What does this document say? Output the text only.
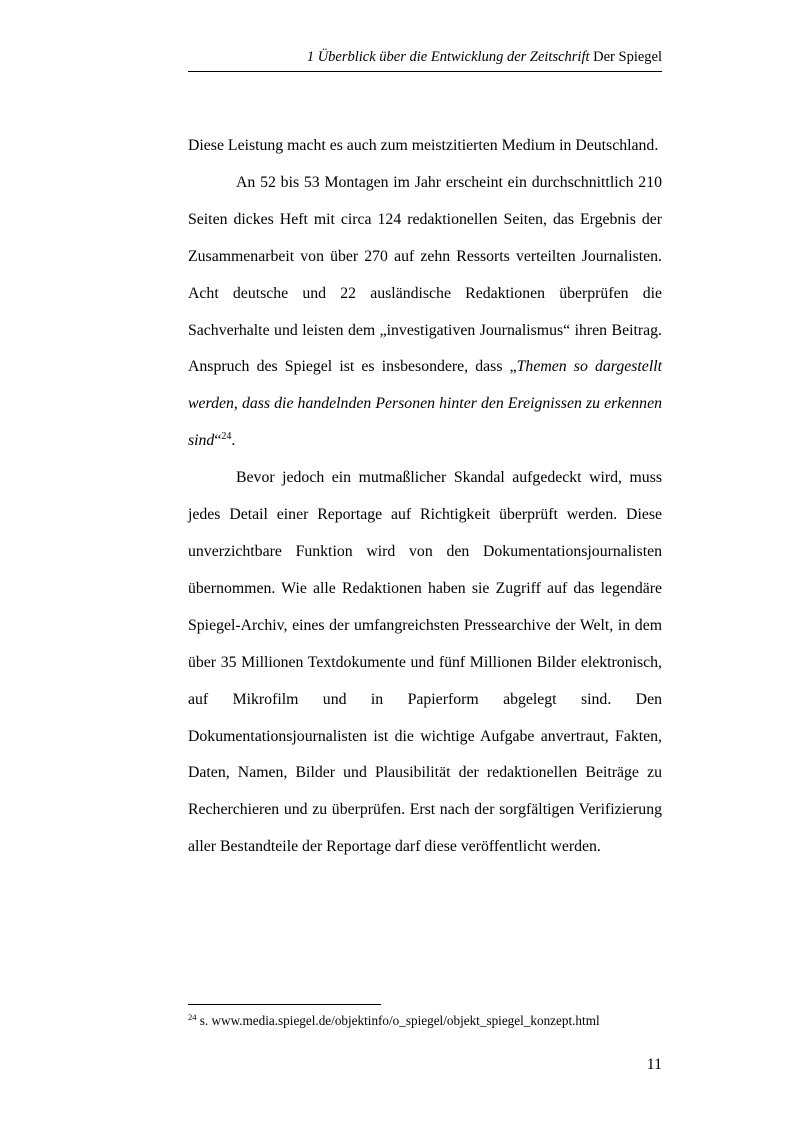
1 Überblick über die Entwicklung der Zeitschrift Der Spiegel

Diese Leistung macht es auch zum meistzitierten Medium in Deutschland.

An 52 bis 53 Montagen im Jahr erscheint ein durchschnittlich 210 Seiten dickes Heft mit circa 124 redaktionellen Seiten, das Ergebnis der Zusammenarbeit von über 270 auf zehn Ressorts verteilten Journalisten. Acht deutsche und 22 ausländische Redaktionen überprüfen die Sachverhalte und leisten dem „investigativen Journalismus“ ihren Beitrag. Anspruch des Spiegel ist es insbesondere, dass „Themen so dargestellt werden, dass die handelnden Personen hinter den Ereignissen zu erkennen sind“$^{24}$.

Bevor jedoch ein mutmaßlicher Skandal aufgedeckt wird, muss jedes Detail einer Reportage auf Richtigkeit überprüft werden. Diese unverzichtbare Funktion wird von den Dokumentationsjournalisten übernommen. Wie alle Redaktionen haben sie Zugriff auf das legendäre Spiegel-Archiv, eines der umfangreichsten Pressearchive der Welt, in dem über 35 Millionen Textdokumente und fünf Millionen Bilder elektronisch, auf Mikrofilm und in Papierform abgelegt sind. Den Dokumentationsjournalisten ist die wichtige Aufgabe anvertraut, Fakten, Daten, Namen, Bilder und Plausibilität der redaktionellen Beiträge zu Recherchieren und zu überprüfen. Erst nach der sorgfältigen Verifizierung aller Bestandteile der Reportage darf diese veröffentlicht werden.

$^{24}$ s. www.media.spiegel.de/objektinfo/o_spiegel/objekt_spiegel_konzept.html
11
